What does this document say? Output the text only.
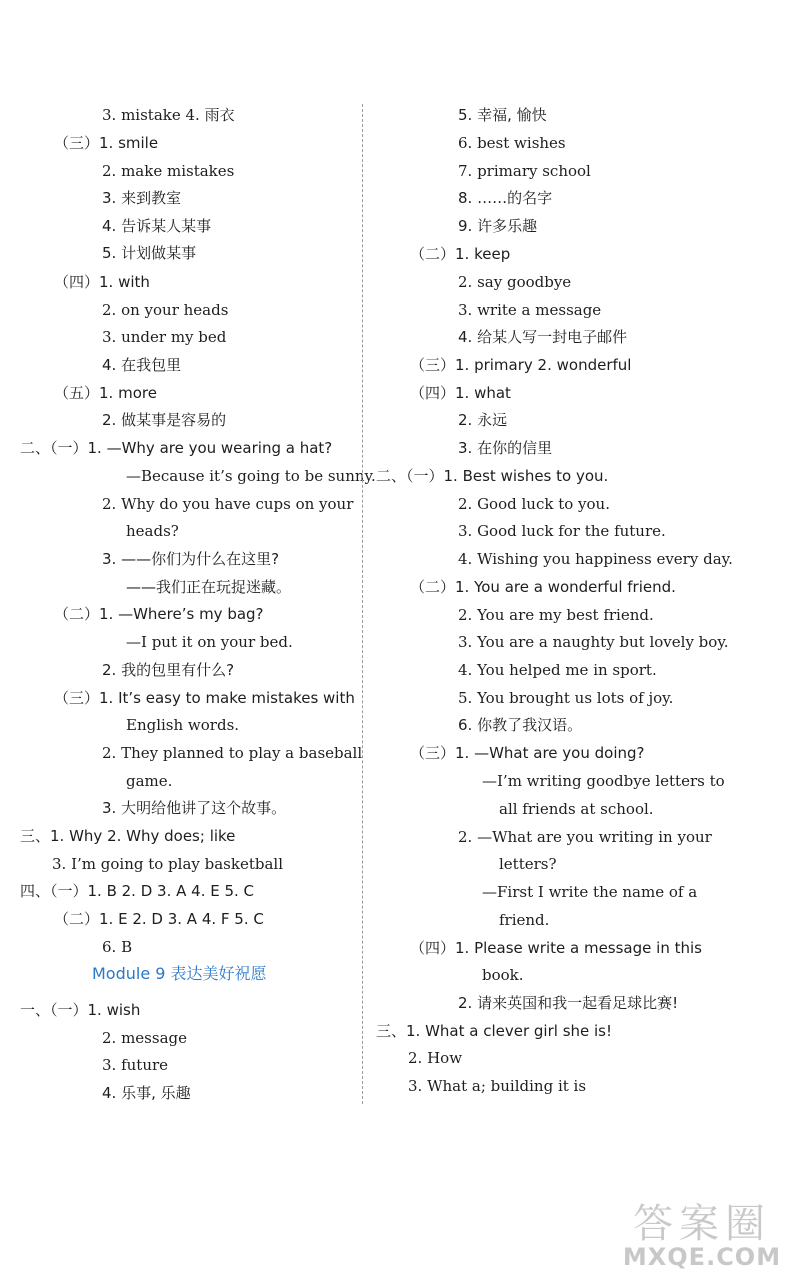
3. mistake 4. 雨衣
（三）1. smile
2. make mistakes
3. 来到教室
4. 告诉某人某事
5. 计划做某事
（四）1. with
2. on your heads
3. under my bed
4. 在我包里
（五）1. more
2. 做某事是容易的
二、（一）1. —Why are you wearing a hat?
—Because it’s going to be sunny.
2. Why do you have cups on your
heads?
3. ——你们为什么在这里?
——我们正在玩捉迷藏。
（二）1. —Where’s my bag?
—I put it on your bed.
2. 我的包里有什么?
（三）1. It’s easy to make mistakes with
English words.
2. They planned to play a baseball
game.
3. 大明给他讲了这个故事。
三、1. Why 2. Why does; like
3. I’m going to play basketball
四、（一）1. B 2. D 3. A 4. E 5. C
（二）1. E 2. D 3. A 4. F 5. C
6. B
Module 9 表达美好祝愿
一、（一）1. wish
2. message
3. future
4. 乐事, 乐趣
5. 幸福, 愉快
6. best wishes
7. primary school
8. ……的名字
9. 许多乐趣
（二）1. keep
2. say goodbye
3. write a message
4. 给某人写一封电子邮件
（三）1. primary 2. wonderful
（四）1. what
2. 永远
3. 在你的信里
二、（一）1. Best wishes to you.
2. Good luck to you.
3. Good luck for the future.
4. Wishing you happiness every day.
（二）1. You are a wonderful friend.
2. You are my best friend.
3. You are a naughty but lovely boy.
4. You helped me in sport.
5. You brought us lots of joy.
6. 你教了我汉语。
（三）1. —What are you doing?
—I’m writing goodbye letters to
all friends at school.
2. —What are you writing in your
letters?
—First I write the name of a
friend.
（四）1. Please write a message in this
book.
2. 请来英国和我一起看足球比赛!
三、1. What a clever girl she is!
2. How
3. What a; building it is
答案圈
MXQE.COM
